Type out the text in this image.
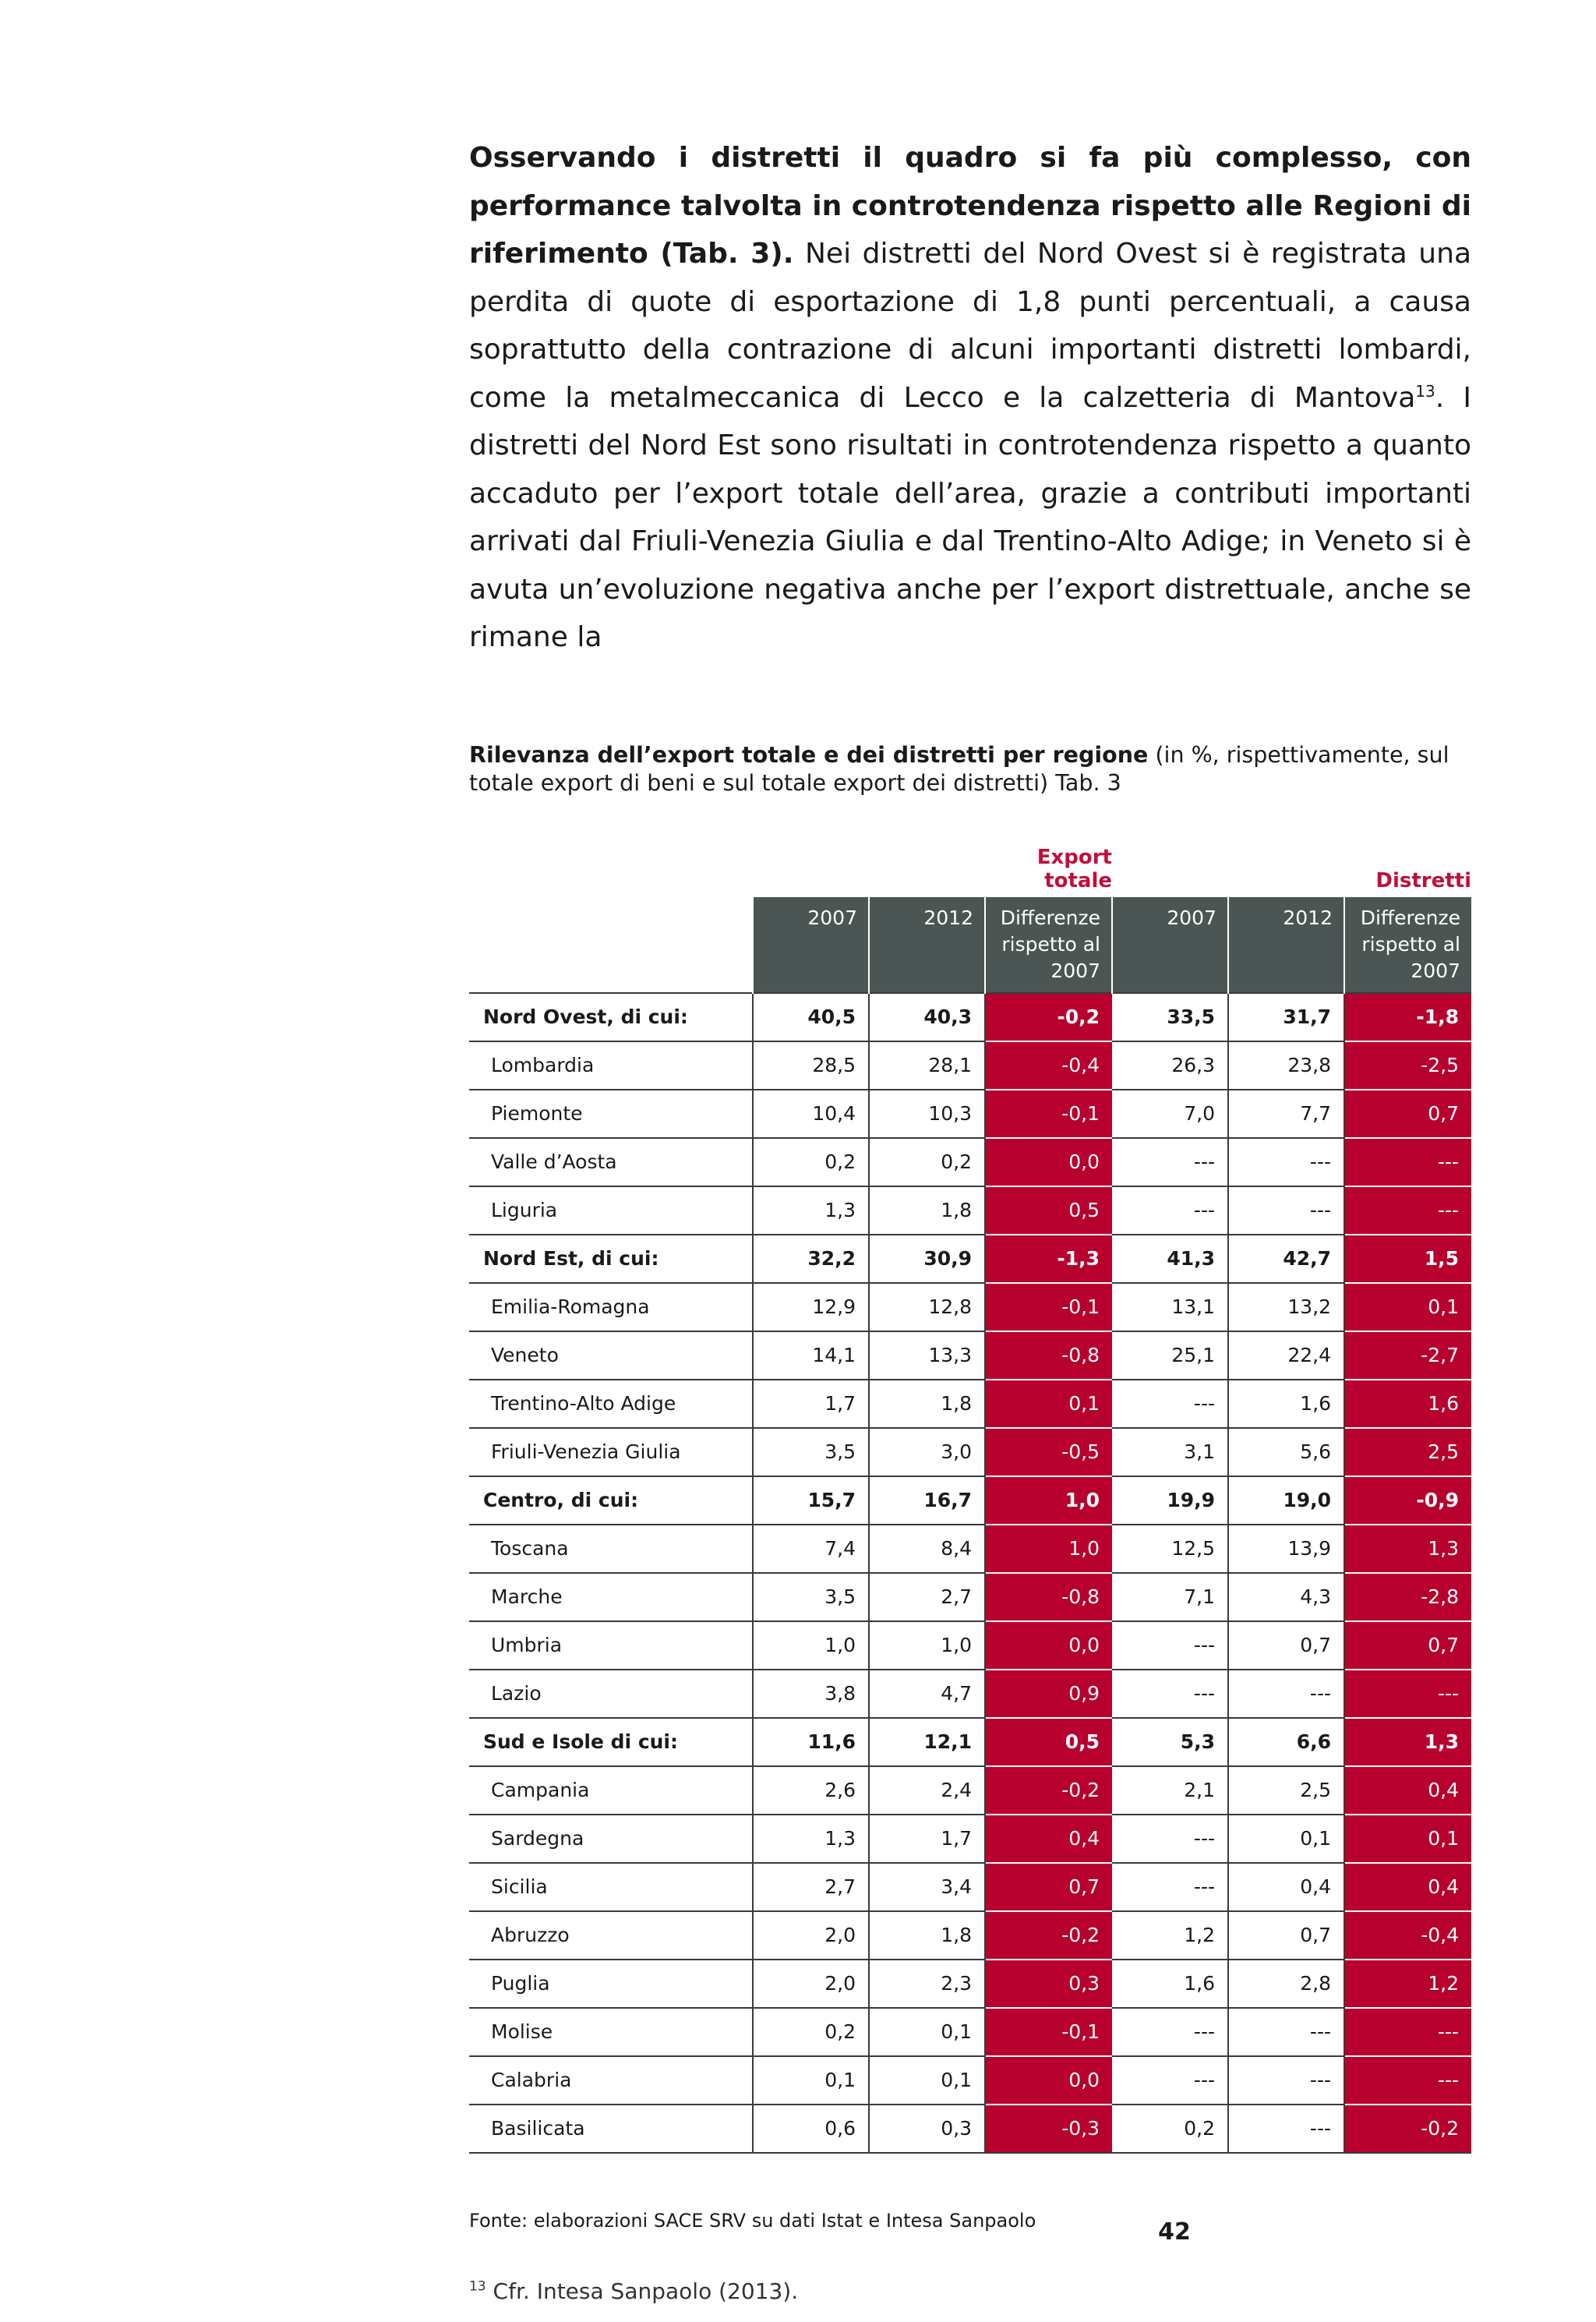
Osservando i distretti il quadro si fa più complesso, con performance talvolta in controtendenza rispetto alle Regioni di riferimento (Tab. 3). Nei distretti del Nord Ovest si è registrata una perdita di quote di esportazione di 1,8 punti percentuali, a causa soprattutto della contrazione di alcuni importanti distretti lombardi, come la metalmeccanica di Lecco e la calzetteria di Mantova$^{13}$. I distretti del Nord Est sono risultati in controtendenza rispetto a quanto accaduto per l’export totale dell’area, grazie a contributi importanti arrivati dal Friuli-Venezia Giulia e dal Trentino-Alto Adige; in Veneto si è avuta un’evoluzione negativa anche per l’export distrettuale, anche se rimane la

Rilevanza dell’export totale e dei distretti per regione (in %, rispettivamente, sul totale export di beni e sul totale export dei distretti) Tab. 3
			Export totale			Distretti
	2007	2012	Differenze rispetto al 2007	2007	2012	Differenze rispetto al 2007
Nord Ovest, di cui:	40,5	40,3	-0,2	33,5	31,7	-1,8
Lombardia	28,5	28,1	-0,4	26,3	23,8	-2,5
Piemonte	10,4	10,3	-0,1	7,0	7,7	0,7
Valle d’Aosta	0,2	0,2	0,0	---	---	---
Liguria	1,3	1,8	0,5	---	---	---
Nord Est, di cui:	32,2	30,9	-1,3	41,3	42,7	1,5
Emilia-Romagna	12,9	12,8	-0,1	13,1	13,2	0,1
Veneto	14,1	13,3	-0,8	25,1	22,4	-2,7
Trentino-Alto Adige	1,7	1,8	0,1	---	1,6	1,6
Friuli-Venezia Giulia	3,5	3,0	-0,5	3,1	5,6	2,5
Centro, di cui:	15,7	16,7	1,0	19,9	19,0	-0,9
Toscana	7,4	8,4	1,0	12,5	13,9	1,3
Marche	3,5	2,7	-0,8	7,1	4,3	-2,8
Umbria	1,0	1,0	0,0	---	0,7	0,7
Lazio	3,8	4,7	0,9	---	---	---
Sud e Isole di cui:	11,6	12,1	0,5	5,3	6,6	1,3
Campania	2,6	2,4	-0,2	2,1	2,5	0,4
Sardegna	1,3	1,7	0,4	---	0,1	0,1
Sicilia	2,7	3,4	0,7	---	0,4	0,4
Abruzzo	2,0	1,8	-0,2	1,2	0,7	-0,4
Puglia	2,0	2,3	0,3	1,6	2,8	1,2
Molise	0,2	0,1	-0,1	---	---	---
Calabria	0,1	0,1	0,0	---	---	---
Basilicata	0,6	0,3	-0,3	0,2	---	-0,2
Fonte: elaborazioni SACE SRV su dati Istat e Intesa Sanpaolo
$^{13}$ Cfr. Intesa Sanpaolo (2013).
42
